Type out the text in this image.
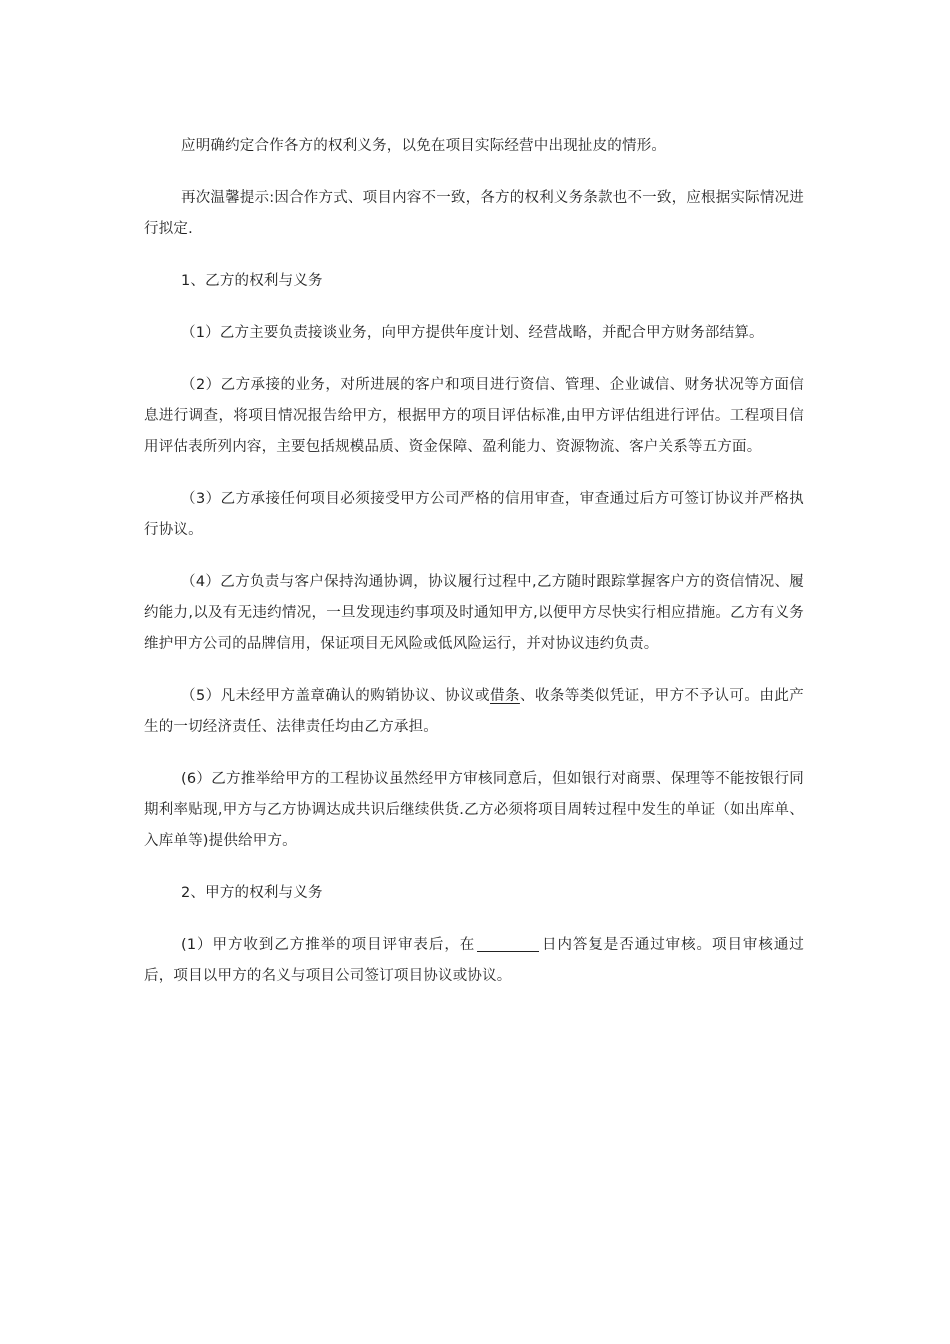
应明确约定合作各方的权利义务，以免在项目实际经营中出现扯皮的情形。

再次温馨提示:因合作方式、项目内容不一致，各方的权利义务条款也不一致，应根据实际情况进行拟定.

1、乙方的权利与义务

（1）乙方主要负责接谈业务，向甲方提供年度计划、经营战略，并配合甲方财务部结算。

（2）乙方承接的业务，对所进展的客户和项目进行资信、管理、企业诚信、财务状况等方面信息进行调查，将项目情况报告给甲方，根据甲方的项目评估标准,由甲方评估组进行评估。工程项目信用评估表所列内容，主要包括规模品质、资金保障、盈利能力、资源物流、客户关系等五方面。

（3）乙方承接任何项目必须接受甲方公司严格的信用审查，审查通过后方可签订协议并严格执行协议。

（4）乙方负责与客户保持沟通协调，协议履行过程中,乙方随时跟踪掌握客户方的资信情况、履约能力,以及有无违约情况，一旦发现违约事项及时通知甲方,以便甲方尽快实行相应措施。乙方有义务维护甲方公司的品牌信用，保证项目无风险或低风险运行，并对协议违约负责。

（5）凡未经甲方盖章确认的购销协议、协议或借条、收条等类似凭证，甲方不予认可。由此产生的一切经济责任、法律责任均由乙方承担。

(6）乙方推举给甲方的工程协议虽然经甲方审核同意后，但如银行对商票、保理等不能按银行同期利率贴现,甲方与乙方协调达成共识后继续供货.乙方必须将项目周转过程中发生的单证（如出库单、入库单等)提供给甲方。

2、甲方的权利与义务

(1）甲方收到乙方推举的项目评审表后，在	日内答复是否通过审核。项目审核通过后，项目以甲方的名义与项目公司签订项目协议或协议。
